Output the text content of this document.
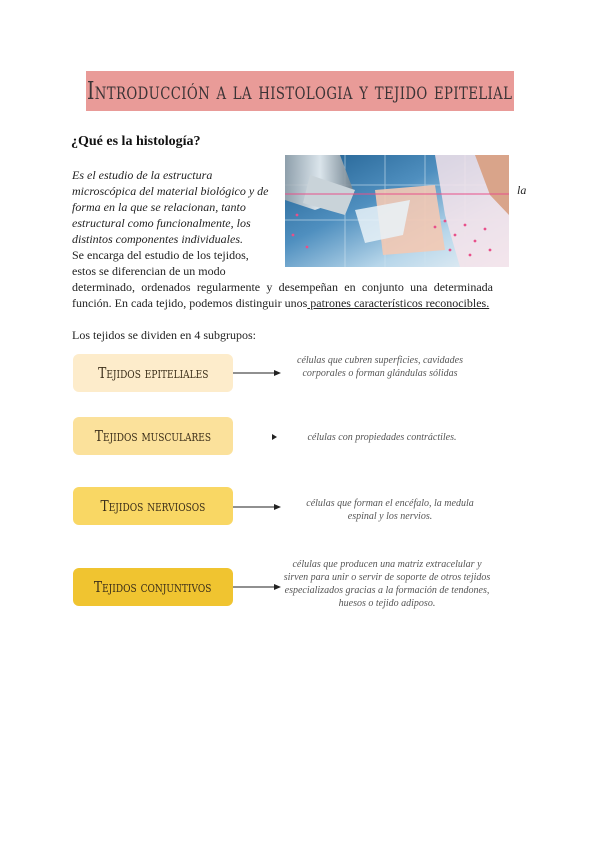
Introducción a la histologia y tejido epitelial
¿Qué es la histología?
Es el estudio de la estructura
microscópica del material biológico y de
forma en la que se relacionan, tanto
estructural como funcionalmente, los
distintos componentes individuales.
la
Se encarga del estudio de los tejidos,
estos se diferencian de un modo
determinado, ordenados regularmente y desempeñan en conjunto una determinada función. En cada tejido, podemos distinguir unos patrones característicos reconocibles.
Los tejidos se dividen en 4 subgrupos:
Tejidos epiteliales
Tejidos musculares
Tejidos nerviosos
Tejidos conjuntivos
células que cubren superficies, cavidades corporales o forman glándulas sólidas
células con propiedades contráctiles.
células que forman el encéfalo, la medula espinal y los nervios.
células que producen una matriz extracelular y sirven para unir o servir de soporte de otros tejidos especializados gracias a la formación de tendones, huesos o tejido adiposo.
